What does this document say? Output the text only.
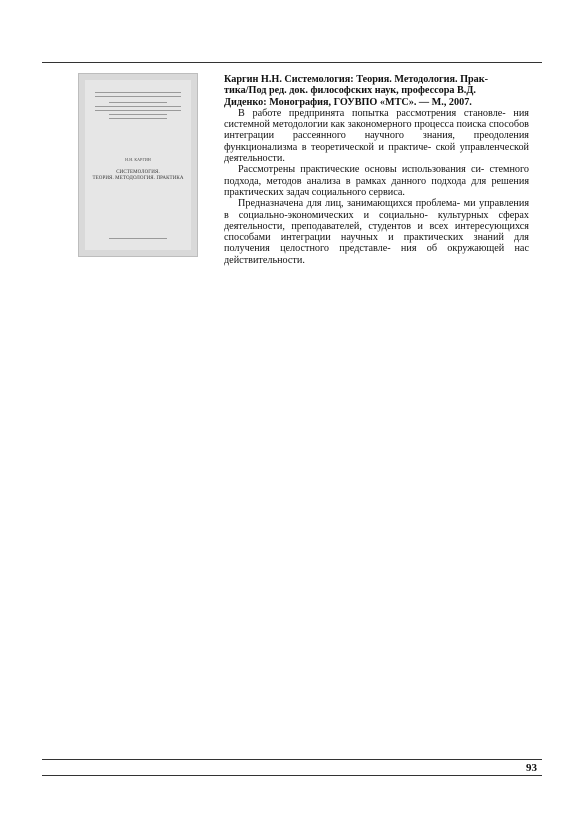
Н.Н. КАРГИН
СИСТЕМОЛОГИЯ.
ТЕОРИЯ. МЕТОДОЛОГИЯ. ПРАКТИКА

Каргин Н.Н. Системология: Теория. Методология. Прак-
тика/Под ред. док. философских наук, профессора В.Д.
Диденко: Монография, ГОУВПО «МТС». — М., 2007.

В работе предпринята попытка рассмотрения становле- ния системной методологии как закономерного процесса поиска способов интеграции рассеянного научного знания, преодоления функционализма в теоретической и практиче- ской управленческой деятельности.

Рассмотрены практические основы использования си- стемного подхода, методов анализа в рамках данного подхода для решения практических задач социального сервиса.

Предназначена для лиц, занимающихся проблема- ми управления в социально-экономических и социально- культурных сферах деятельности, преподавателей, студентов и всех интересующихся способами интеграции научных и практических знаний для получения целостного представле- ния об окружающей нас действительности.

93
